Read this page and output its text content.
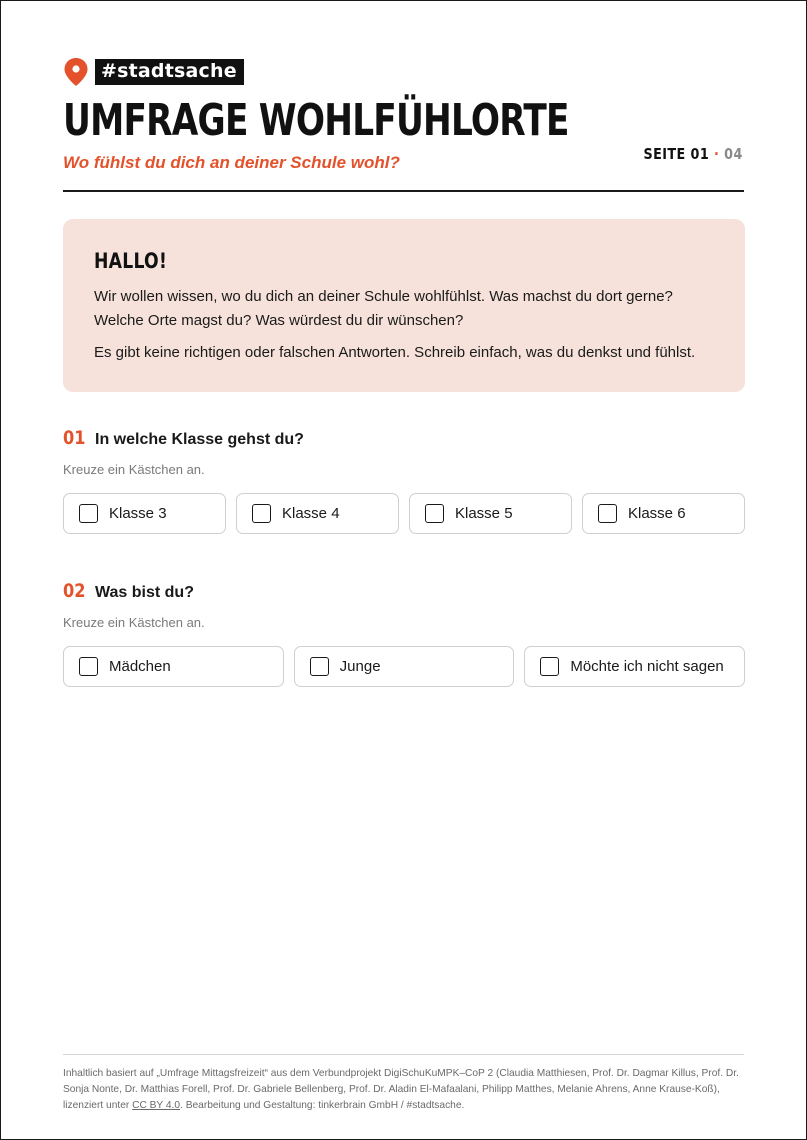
#stadtsache
UMFRAGE WOHLFÜHLORTE
Wo fühlst du dich an deiner Schule wohl?	SEITE 01 · 04
HALLO!

Wir wollen wissen, wo du dich an deiner Schule wohlfühlst. Was machst du dort gerne? Welche Orte magst du? Was würdest du dir wünschen?

Es gibt keine richtigen oder falschen Antworten. Schreib einfach, was du denkst und fühlst.

01 In welche Klasse gehst du?
Kreuze ein Kästchen an.
Klasse 3	Klasse 4	Klasse 5	Klasse 6
02 Was bist du?
Kreuze ein Kästchen an.
Mädchen	Junge	Möchte ich nicht sagen
Inhaltlich basiert auf „Umfrage Mittagsfreizeit“ aus dem Verbundprojekt DigiSchuKuMPK–CoP 2 (Claudia Matthiesen, Prof. Dr. Dagmar Killus, Prof. Dr. Sonja Nonte, Dr. Matthias Forell, Prof. Dr. Gabriele Bellenberg, Prof. Dr. Aladin El-Mafaalani, Philipp Matthes, Melanie Ahrens, Anne Krause-Koß), lizenziert unter CC BY 4.0. Bearbeitung und Gestaltung: tinkerbrain GmbH / #stadtsache.
